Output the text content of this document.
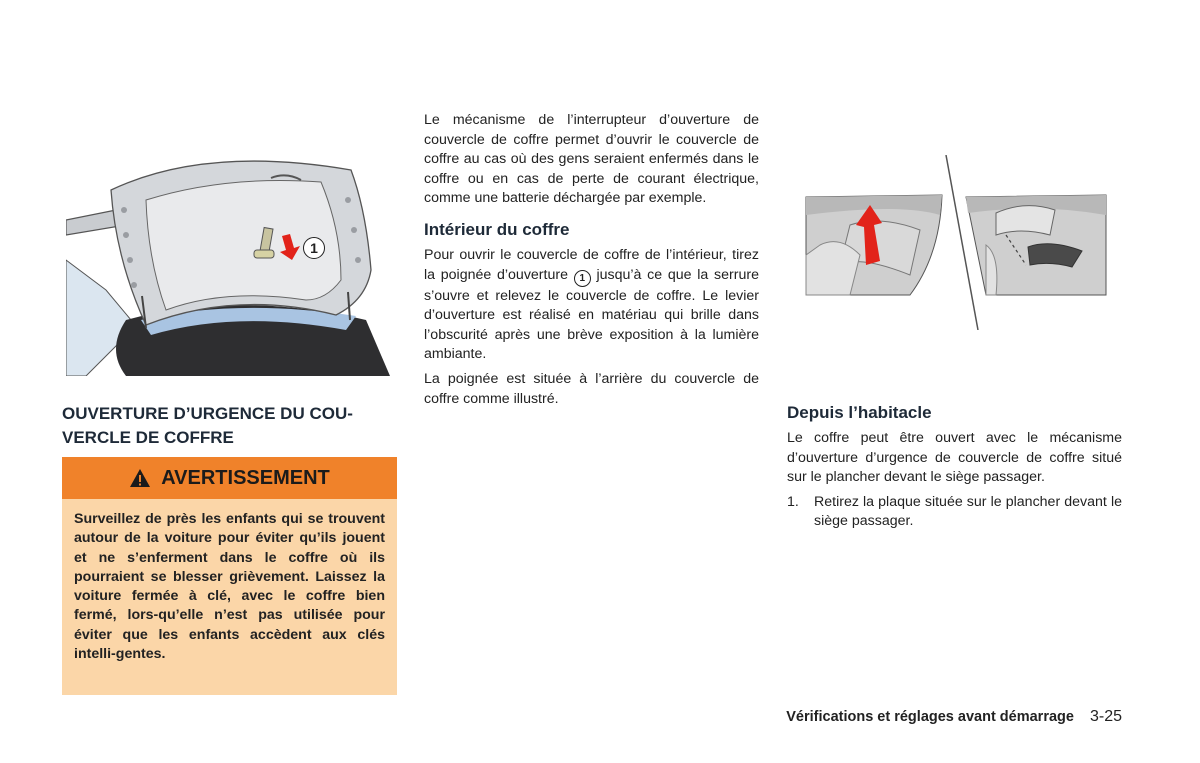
1
OUVERTURE D’URGENCE DU COU-VERCLE DE COFFRE
AVERTISSEMENT
Surveillez de près les enfants qui se trouvent autour de la voiture pour éviter qu’ils jouent et ne s’enferment dans le coffre où ils pourraient se blesser grièvement. Laissez la voiture fermée à clé, avec le coffre bien fermé, lors-qu’elle n’est pas utilisée pour éviter que les enfants accèdent aux clés intelli-gentes.
Le mécanisme de l’interrupteur d’ouverture de couvercle de coffre permet d’ouvrir le couvercle de coffre au cas où des gens seraient enfermés dans le coffre ou en cas de perte de courant électrique, comme une batterie déchargée par exemple.
Intérieur du coffre
Pour ouvrir le couvercle de coffre de l’intérieur, tirez la poignée d’ouverture 1 jusqu’à ce que la serrure s’ouvre et relevez le couvercle de coffre. Le levier d’ouverture est réalisé en matériau qui brille dans l’obscurité après une brève exposition à la lumière ambiante.
La poignée est située à l’arrière du couvercle de coffre comme illustré.
Depuis l’habitacle
Le coffre peut être ouvert avec le mécanisme d’ouverture d’urgence de couvercle de coffre situé sur le plancher devant le siège passager.
1.	Retirez la plaque située sur le plancher devant le siège passager.
Vérifications et réglages avant démarrage 3-25
